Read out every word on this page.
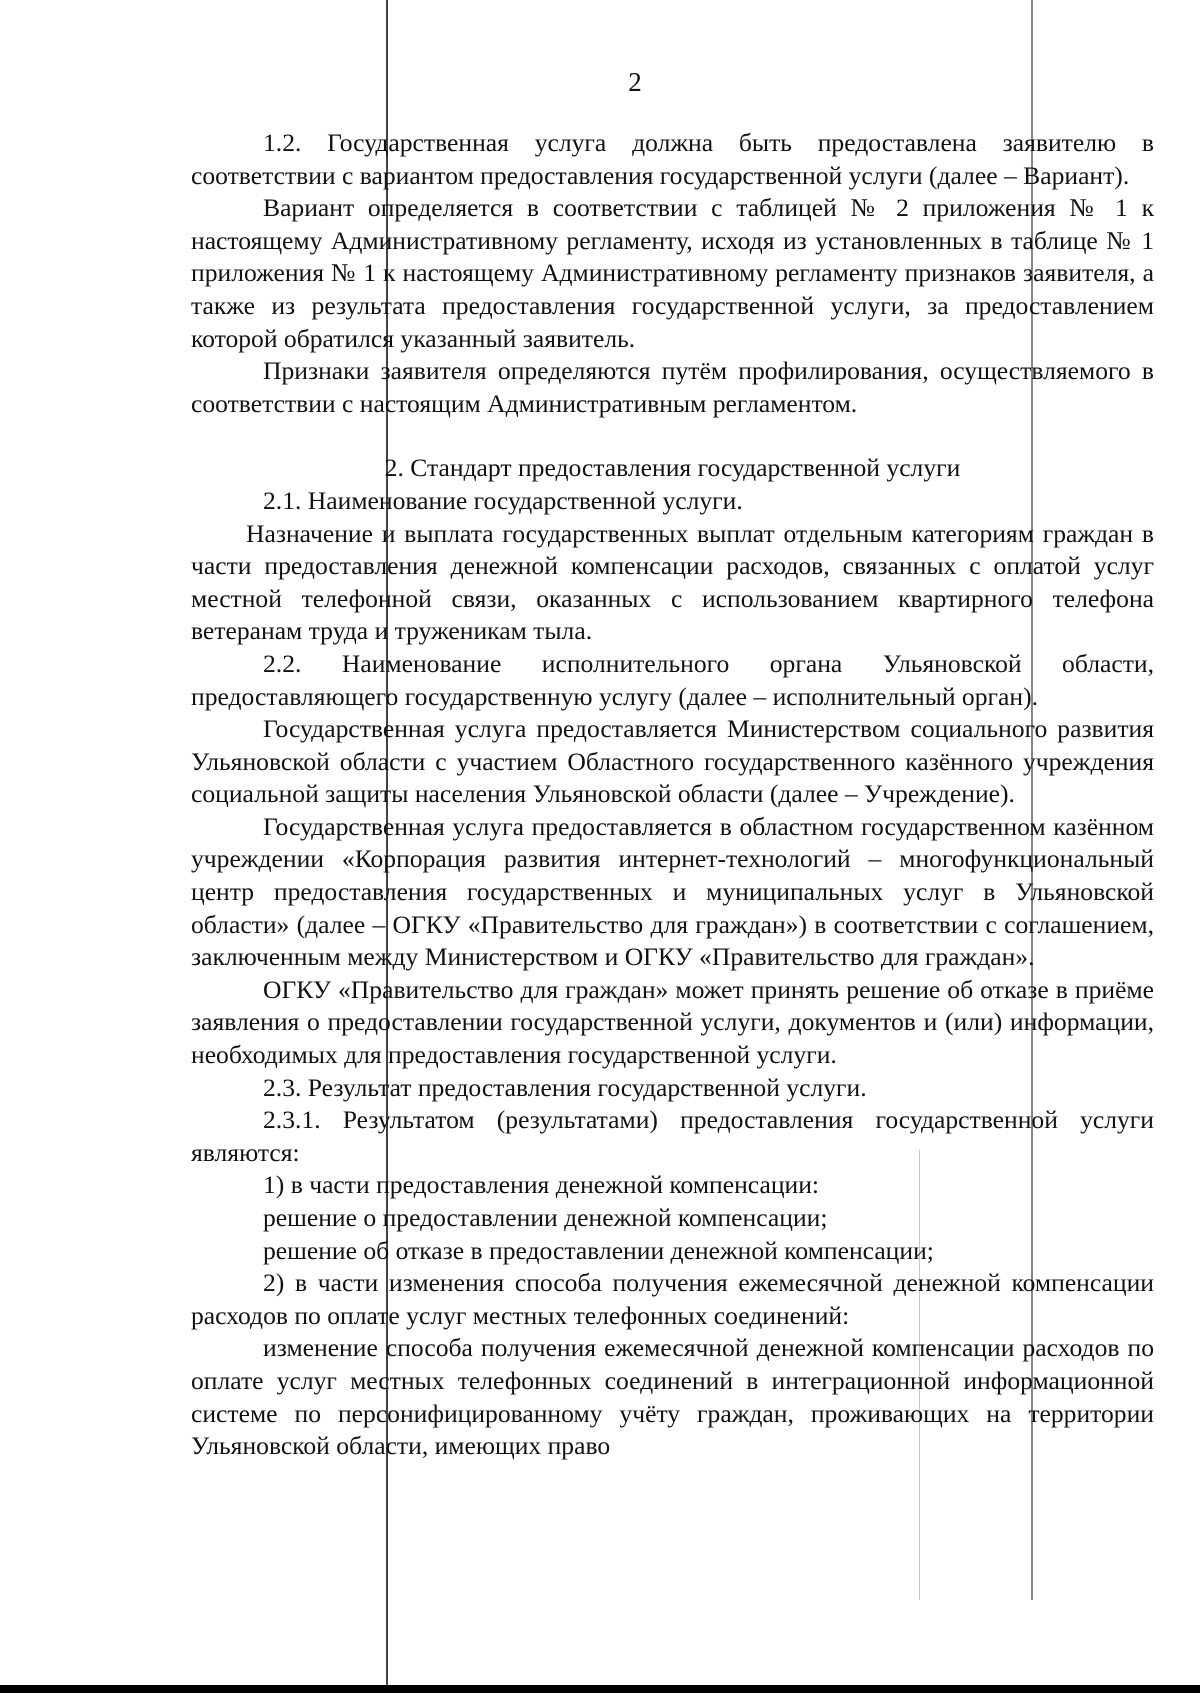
2

1.2. Государственная услуга должна быть предоставлена заявителю в соответствии с вариантом предоставления государственной услуги (далее – Вариант).

Вариант определяется в соответствии с таблицей № 2 приложения № 1 к настоящему Административному регламенту, исходя из установленных в таблице № 1 приложения № 1 к настоящему Административному регламенту признаков заявителя, а также из результата предоставления государственной услуги, за предоставлением которой обратился указанный заявитель.

Признаки заявителя определяются путём профилирования, осуществляемого в соответствии с настоящим Административным регламентом.

2. Стандарт предоставления государственной услуги

2.1. Наименование государственной услуги.

Назначение и выплата государственных выплат отдельным категориям граждан в части предоставления денежной компенсации расходов, связанных с оплатой услуг местной телефонной связи, оказанных с использованием квартирного телефона ветеранам труда и труженикам тыла.

2.2. Наименование исполнительного органа Ульяновской области, предоставляющего государственную услугу (далее – исполнительный орган).

Государственная услуга предоставляется Министерством социального развития Ульяновской области с участием Областного государственного казённого учреждения социальной защиты населения Ульяновской области (далее – Учреждение).

Государственная услуга предоставляется в областном государственном казённом учреждении «Корпорация развития интернет-технологий – многофункциональный центр предоставления государственных и муниципальных услуг в Ульяновской области» (далее – ОГКУ «Правительство для граждан») в соответствии с соглашением, заключенным между Министерством и ОГКУ «Правительство для граждан».

ОГКУ «Правительство для граждан» может принять решение об отказе в приёме заявления о предоставлении государственной услуги, документов и (или) информации, необходимых для предоставления государственной услуги.

2.3. Результат предоставления государственной услуги.

2.3.1. Результатом (результатами) предоставления государственной услуги являются:

1) в части предоставления денежной компенсации:

решение о предоставлении денежной компенсации;

решение об отказе в предоставлении денежной компенсации;

2) в части изменения способа получения ежемесячной денежной компенсации расходов по оплате услуг местных телефонных соединений:

изменение способа получения ежемесячной денежной компенсации расходов по оплате услуг местных телефонных соединений в интеграционной информационной системе по персонифицированному учёту граждан, проживающих на территории Ульяновской области, имеющих право
